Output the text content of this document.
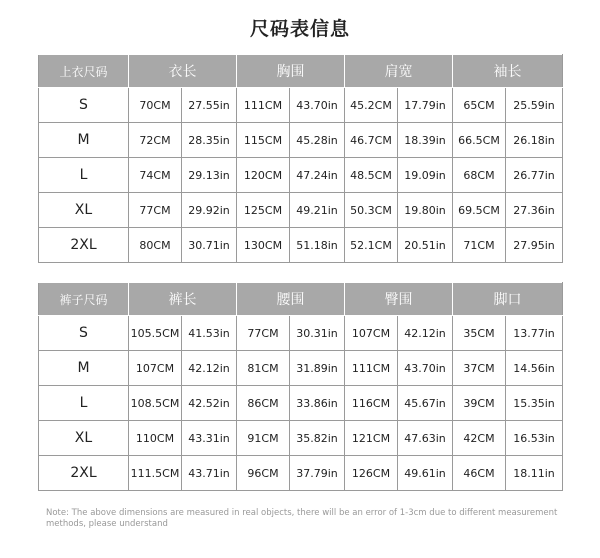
尺码表信息
上衣尺码	衣长		胸围		肩宽		袖长	
S	70CM	27.55in	111CM	43.70in	45.2CM	17.79in	65CM	25.59in
M	72CM	28.35in	115CM	45.28in	46.7CM	18.39in	66.5CM	26.18in
L	74CM	29.13in	120CM	47.24in	48.5CM	19.09in	68CM	26.77in
XL	77CM	29.92in	125CM	49.21in	50.3CM	19.80in	69.5CM	27.36in
2XL	80CM	30.71in	130CM	51.18in	52.1CM	20.51in	71CM	27.95in
裤子尺码	裤长		腰围		臀围		脚口	
S	105.5CM	41.53in	77CM	30.31in	107CM	42.12in	35CM	13.77in
M	107CM	42.12in	81CM	31.89in	111CM	43.70in	37CM	14.56in
L	108.5CM	42.52in	86CM	33.86in	116CM	45.67in	39CM	15.35in
XL	110CM	43.31in	91CM	35.82in	121CM	47.63in	42CM	16.53in
2XL	111.5CM	43.71in	96CM	37.79in	126CM	49.61in	46CM	18.11in
Note: The above dimensions are measured in real objects, there will be an error of 1-3cm due to different measurement methods, please understand
